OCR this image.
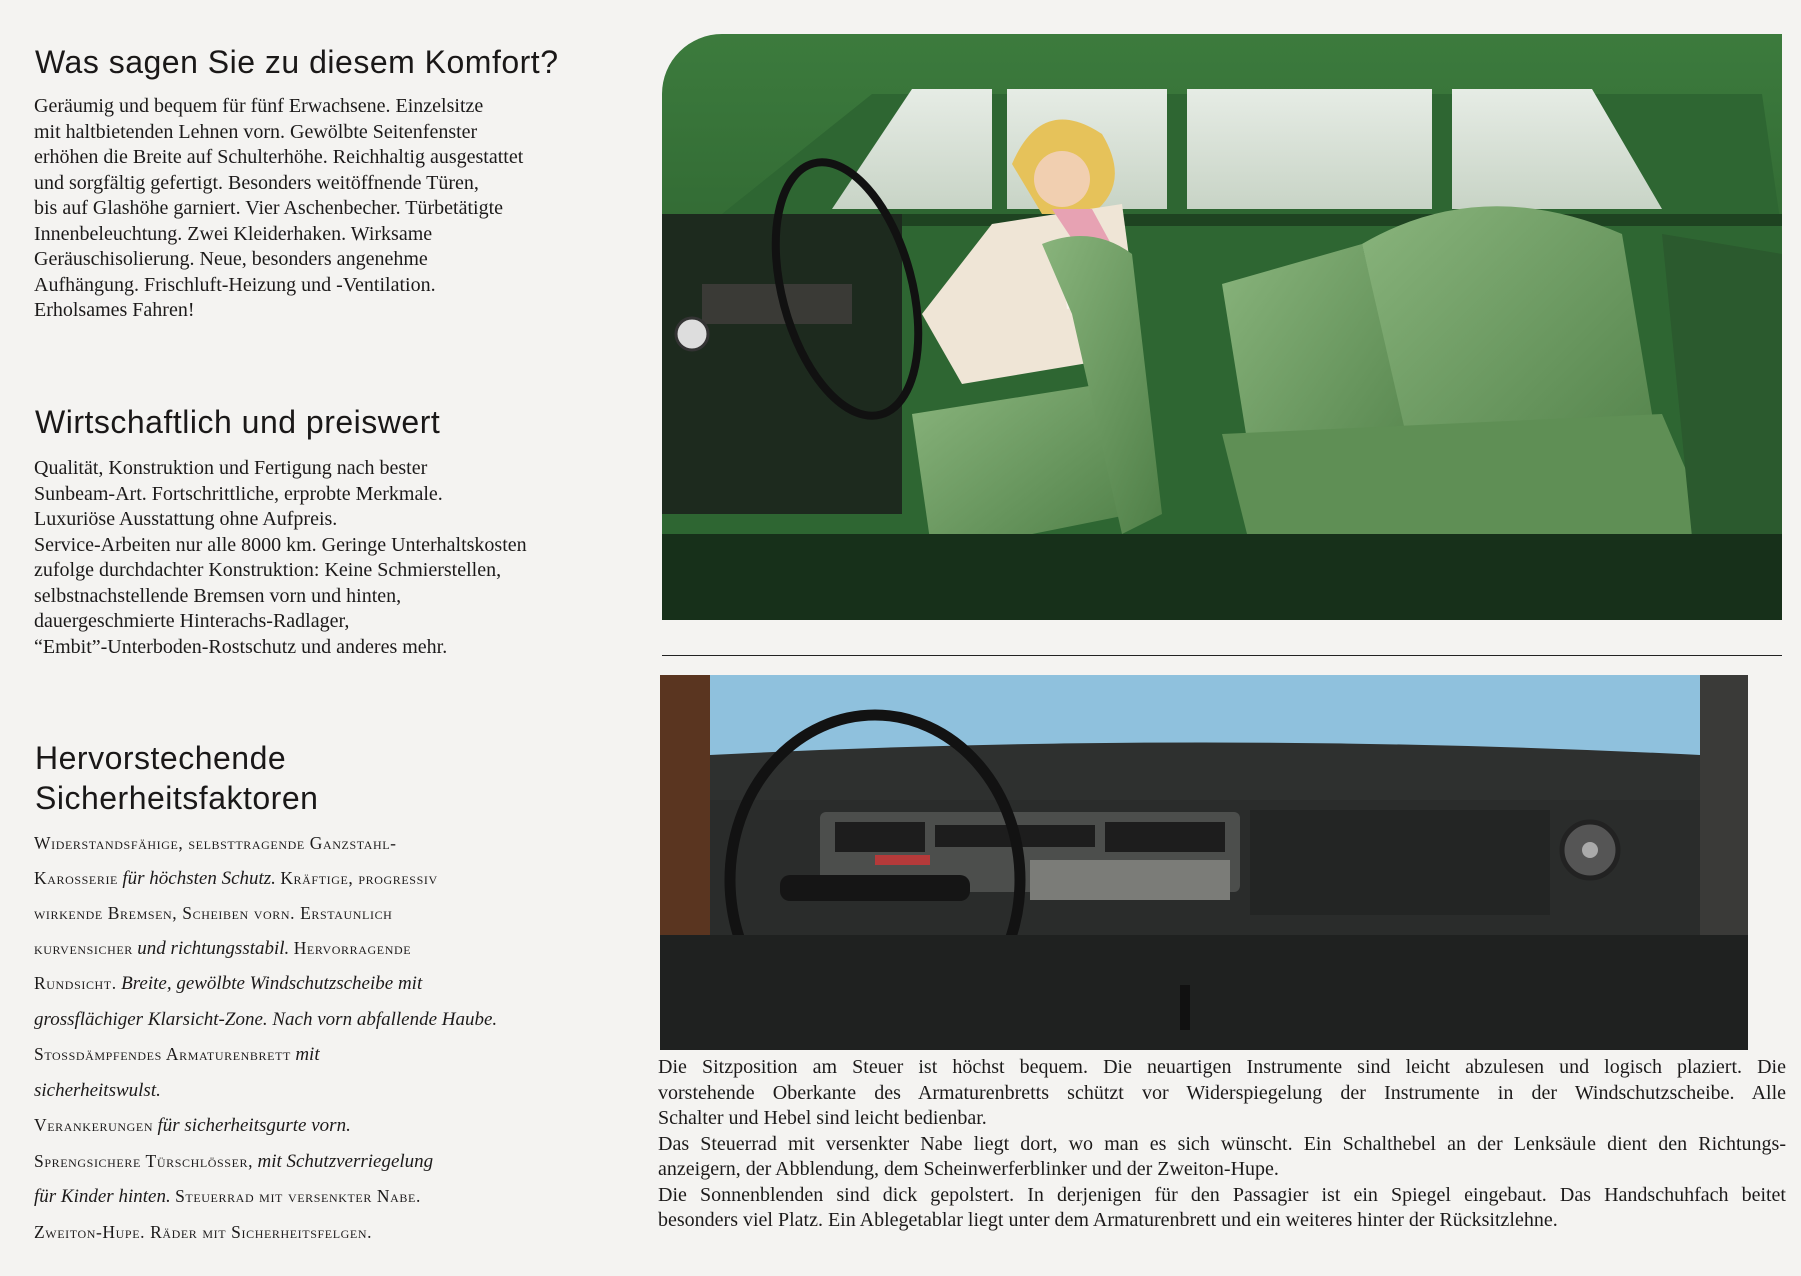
Was sagen Sie zu diesem Komfort?

Geräumig und bequem für fünf Erwachsene. Einzelsitze
mit haltbietenden Lehnen vorn. Gewölbte Seitenfenster
erhöhen die Breite auf Schulterhöhe. Reichhaltig ausgestattet
und sorgfältig gefertigt. Besonders weitöffnende Türen,
bis auf Glashöhe garniert. Vier Aschenbecher. Türbetätigte
Innenbeleuchtung. Zwei Kleiderhaken. Wirksame
Geräuschisolierung. Neue, besonders angenehme
Aufhängung. Frischluft-Heizung und -Ventilation.
Erholsames Fahren!

Wirtschaftlich und preiswert

Qualität, Konstruktion und Fertigung nach bester
Sunbeam-Art. Fortschrittliche, erprobte Merkmale.
Luxuriöse Ausstattung ohne Aufpreis.
Service-Arbeiten nur alle 8000 km. Geringe Unterhaltskosten
zufolge durchdachter Konstruktion: Keine Schmierstellen,
selbstnachstellende Bremsen vorn und hinten,
dauergeschmierte Hinterachs-Radlager,
“Embit”-Unterboden-Rostschutz und anderes mehr.

Hervorstechende
Sicherheitsfaktoren
Widerstandsfähige, selbsttragende Ganzstahl-
Karosserie für höchsten Schutz. Kräftige, progressiv
wirkende Bremsen, Scheiben vorn. Erstaunlich
kurvensicher und richtungsstabil. Hervorragende
Rundsicht. Breite, gewölbte Windschutzscheibe mit
grossflächiger Klarsicht-Zone. Nach vorn abfallende Haube.
Stossdämpfendes Armaturenbrett mit
sicherheitswulst.
Verankerungen für sicherheitsgurte vorn.
Sprengsichere Türschlösser, mit Schutzverriegelung
für Kinder hinten. Steuerrad mit versenkter Nabe.
Zweiton-Hupe. Räder mit Sicherheitsfelgen.
Die Sitzposition am Steuer ist höchst bequem. Die neuartigen Instrumente sind leicht abzulesen und logisch plaziert. Die
vorstehende Oberkante des Armaturenbretts schützt vor Widerspiegelung der Instrumente in der Windschutzscheibe. Alle
Schalter und Hebel sind leicht bedienbar.
Das Steuerrad mit versenkter Nabe liegt dort, wo man es sich wünscht. Ein Schalthebel an der Lenksäule dient den Richtungs-
anzeigern, der Abblendung, dem Scheinwerferblinker und der Zweiton-Hupe.
Die Sonnenblenden sind dick gepolstert. In derjenigen für den Passagier ist ein Spiegel eingebaut. Das Handschuhfach beitet
besonders viel Platz. Ein Ablegetablar liegt unter dem Armaturenbrett und ein weiteres hinter der Rücksitzlehne.
